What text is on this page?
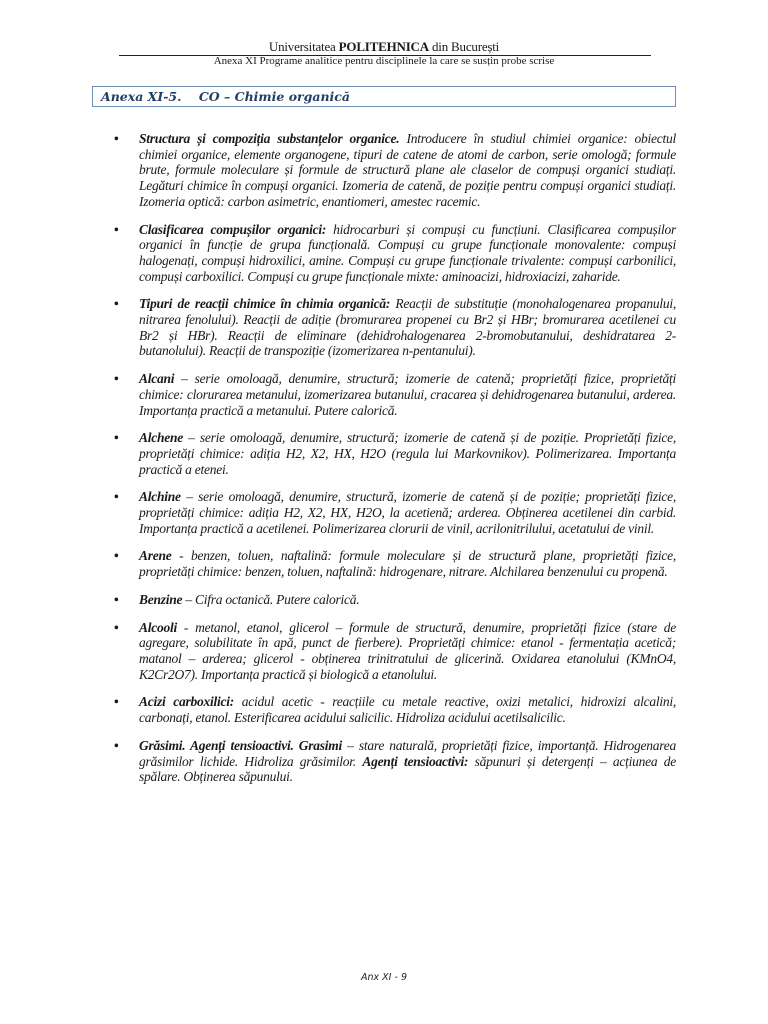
Universitatea POLITEHNICA din București
Anexa XI Programe analitice pentru disciplinele la care se susțin probe scrise
Anexa XI-5.    CO – Chimie organică
• Structura și compoziția substanțelor organice. Introducere în studiul chimiei organice: obiectul chimiei organice, elemente organogene, tipuri de catene de atomi de carbon, serie omologă; formule brute, formule moleculare și formule de structură plane ale claselor de compuși organici studiați. Legături chimice în compuși organici. Izomeria de catenă, de poziție pentru compuși organici studiați. Izomeria optică: carbon asimetric, enantiomeri, amestec racemic.
• Clasificarea compușilor organici: hidrocarburi și compuși cu funcțiuni. Clasificarea compușilor organici în funcție de grupa funcțională. Compuși cu grupe funcționale monovalente: compuși halogenați, compuși hidroxilici, amine. Compuși cu grupe funcționale trivalente: compuși carbonilici, compuși carboxilici. Compuși cu grupe funcționale mixte: aminoacizi, hidroxiacizi, zaharide.
• Tipuri de reacții chimice în chimia organică: Reacții de substituție (monohalogenarea propanului, nitrarea fenolului). Reacții de adiție (bromurarea propenei cu Br2 și HBr; bromurarea acetilenei cu Br2 și HBr). Reacții de eliminare (dehidrohalogenarea 2-bromobutanului, deshidratarea 2-butanolului). Reacții de transpoziție (izomerizarea n-pentanului).
• Alcani – serie omoloagă, denumire, structură; izomerie de catenă; proprietăți fizice, proprietăți chimice: clorurarea metanului, izomerizarea butanului, cracarea și dehidrogenarea butanului, arderea. Importanța practică a metanului. Putere calorică.
• Alchene – serie omoloagă, denumire, structură; izomerie de catenă și de poziție. Proprietăți fizice, proprietăți chimice: adiția H2, X2, HX, H2O (regula lui Markovnikov). Polimerizarea. Importanța practică a etenei.
• Alchine – serie omoloagă, denumire, structură, izomerie de catenă și de poziție; proprietăți fizice, proprietăți chimice: adiția H2, X2, HX, H2O, la acetienă; arderea. Obținerea acetilenei din carbid. Importanța practică a acetilenei. Polimerizarea clorurii de vinil, acrilonitrilului, acetatului de vinil.
• Arene - benzen, toluen, naftalină: formule moleculare și de structură plane, proprietăți fizice, proprietăți chimice: benzen, toluen, naftalină: hidrogenare, nitrare. Alchilarea benzenului cu propenă.
• Benzine – Cifra octanică. Putere calorică.
• Alcooli - metanol, etanol, glicerol – formule de structură, denumire, proprietăți fizice (stare de agregare, solubilitate în apă, punct de fierbere). Proprietăți chimice: etanol - fermentația acetică; matanol – arderea; glicerol - obținerea trinitratului de glicerină. Oxidarea etanolului (KMnO4, K2Cr2O7). Importanța practică și biologică a etanolului.
• Acizi carboxilici: acidul acetic - reacțiile cu metale reactive, oxizi metalici, hidroxizi alcalini, carbonați, etanol. Esterificarea acidului salicilic. Hidroliza acidului acetilsalicilic.
• Grăsimi. Agenți tensioactivi. Grasimi – stare naturală, proprietăți fizice, importanță. Hidrogenarea grăsimilor lichide. Hidroliza grăsimilor. Agenți tensioactivi: săpunuri și detergenți – acțiunea de spălare. Obținerea săpunului.
Anx XI - 9
